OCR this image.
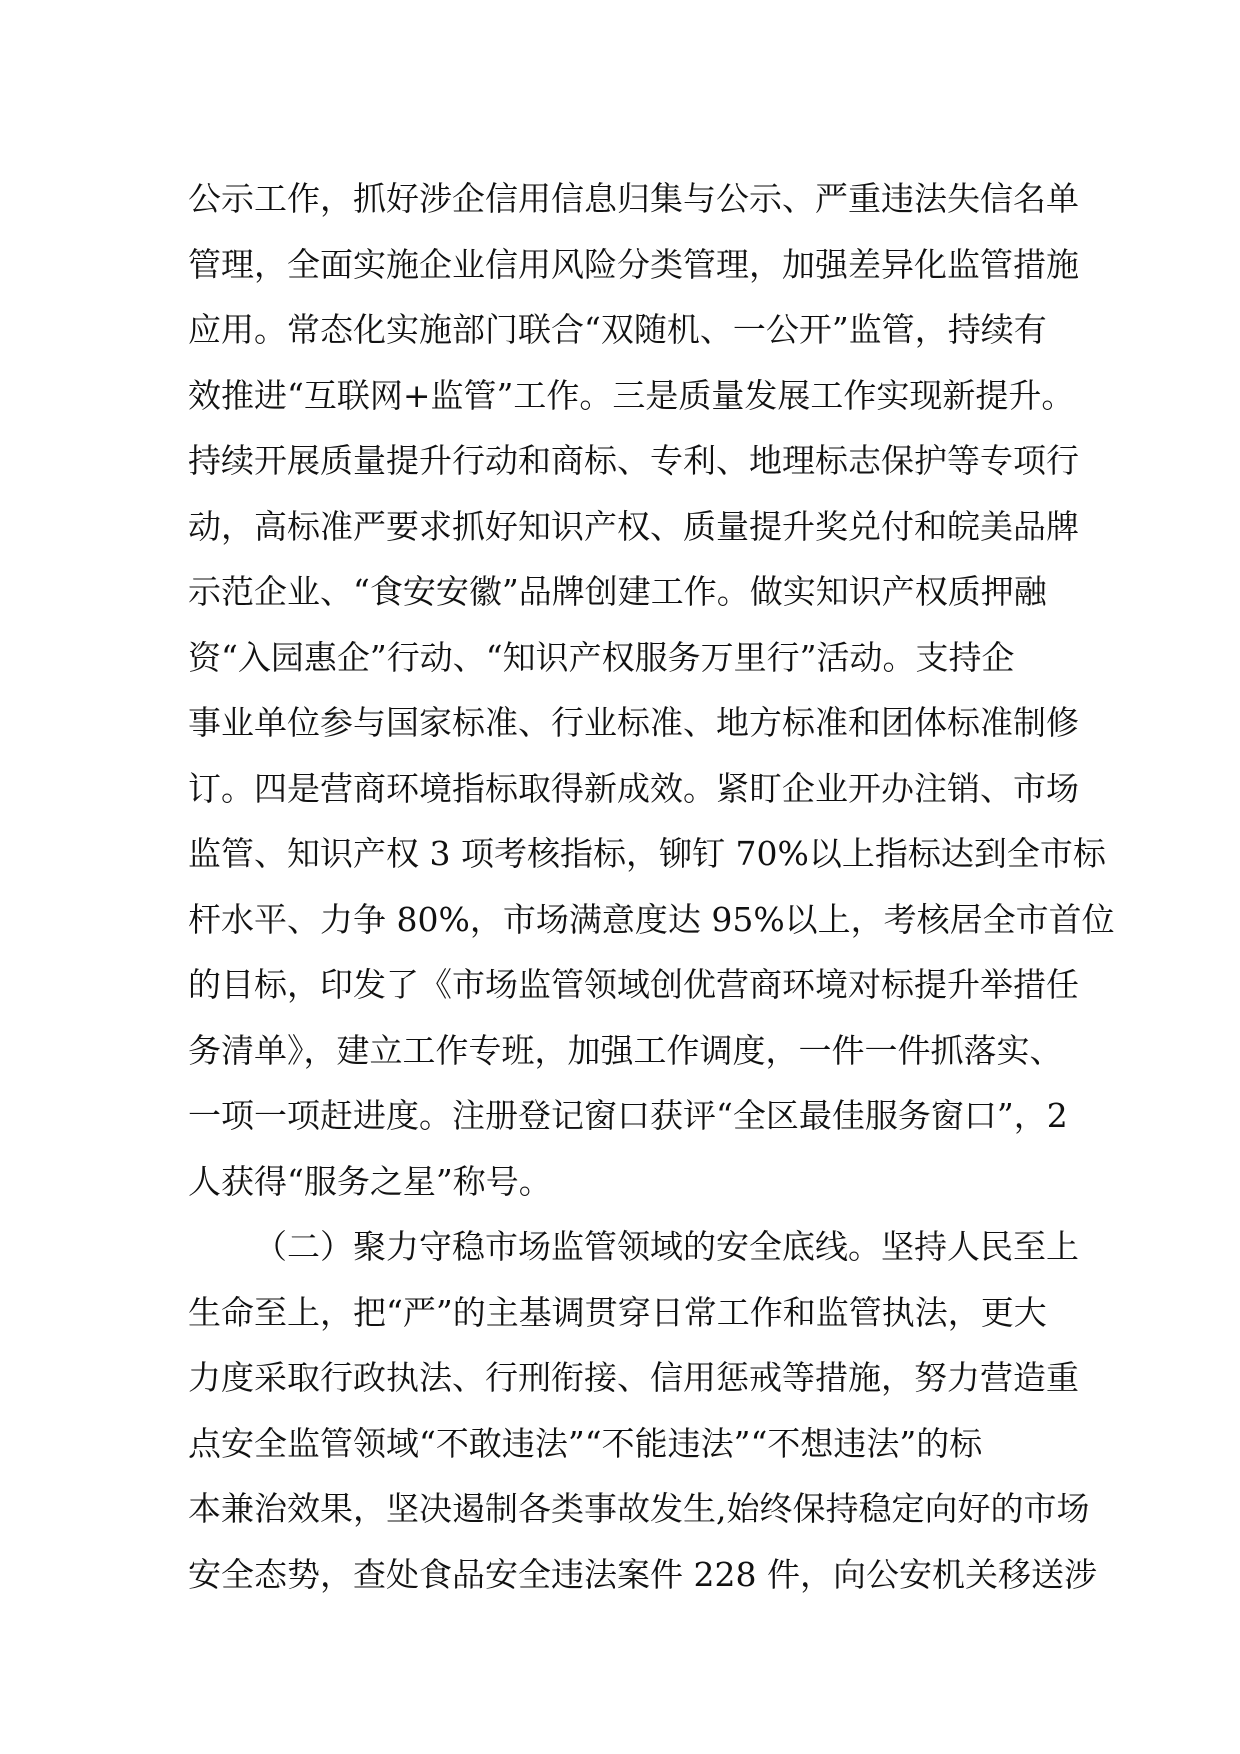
公示工作，抓好涉企信用信息归集与公示、严重违法失信名单
管理，全面实施企业信用风险分类管理，加强差异化监管措施
应用。常态化实施部门联合“双随机、一公开”监管，持续有
效推进“互联网+监管”工作。三是质量发展工作实现新提升。
持续开展质量提升行动和商标、专利、地理标志保护等专项行
动，高标准严要求抓好知识产权、质量提升奖兑付和皖美品牌
示范企业、“食安安徽”品牌创建工作。做实知识产权质押融
资“入园惠企”行动、“知识产权服务万里行”活动。支持企
事业单位参与国家标准、行业标准、地方标准和团体标准制修
订。四是营商环境指标取得新成效。紧盯企业开办注销、市场
监管、知识产权 3 项考核指标，铆钉 70%以上指标达到全市标
杆水平、力争 80%，市场满意度达 95%以上，考核居全市首位
的目标，印发了《市场监管领域创优营商环境对标提升举措任
务清单》，建立工作专班，加强工作调度，一件一件抓落实、
一项一项赶进度。注册登记窗口获评“全区最佳服务窗口”，2
人获得“服务之星”称号。
（二）聚力守稳市场监管领域的安全底线。坚持人民至上
生命至上，把“严”的主基调贯穿日常工作和监管执法，更大
力度采取行政执法、行刑衔接、信用惩戒等措施，努力营造重
点安全监管领域“不敢违法”“不能违法”“不想违法”的标
本兼治效果，坚决遏制各类事故发生,始终保持稳定向好的市场
安全态势，查处食品安全违法案件 228 件，向公安机关移送涉
